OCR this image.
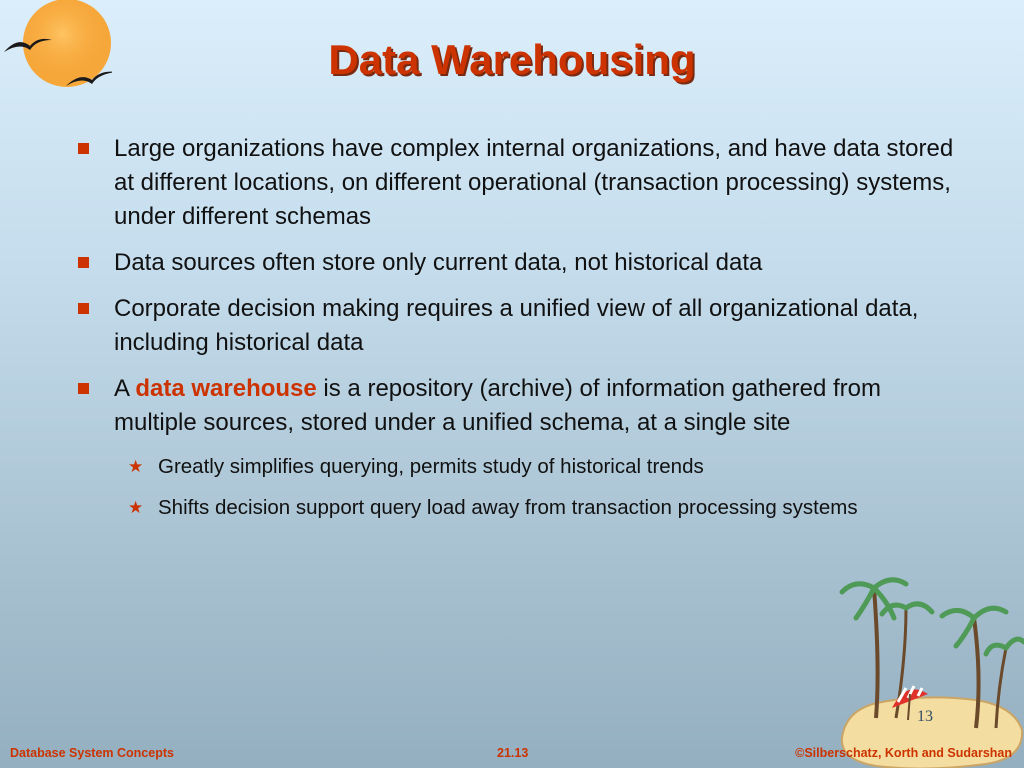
Data Warehousing
Large organizations have complex internal organizations, and have data stored at different locations, on different operational (transaction processing) systems, under different schemas
Data sources often store only current data, not historical data
Corporate decision making requires a unified view of all organizational data, including historical data
A data warehouse is a repository (archive) of information gathered from multiple sources, stored under a unified schema, at a single site
★ Greatly simplifies querying, permits study of historical trends
★ Shifts decision support query load away from transaction processing systems
13
Database System Concepts	21.13	©Silberschatz, Korth and Sudarshan
